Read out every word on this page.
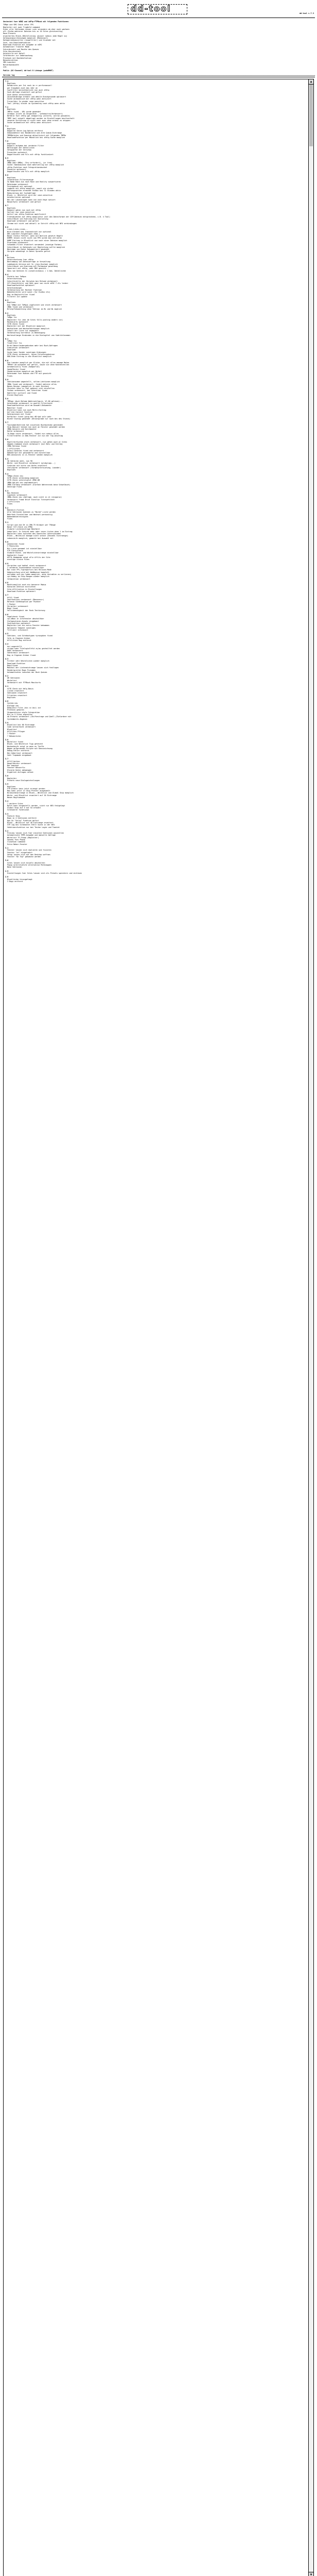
dd-tool	dd-tool v.7.3
Gestestet fuer WEBZ und idFtp-FTPBoxk mit folgenden Funktionen:
TEMpe und SMS Check unter FPS
Begleiter mit zwei Trugbild command
Einer alle fehlenden Lesser sich verandern ob eher noch wachsen
oft (Farbe mehrerer Dateien bis zu 10 Sites gleichzeitig)
Race-Presets
erweitertes Black-/Whitelisting (ausser nahezu jede Regel so)
Gefanginepse-Kennungen moeglich (Medienart)
Kategorienbasierten (Jungefilter) und Gruender mit
Such- und Downloadfunktion
Download-Funktion mit Ausgabe in mIRC
Automatiser Transfer Mode
Schreibrecht und Rechte des Queues
Site-Gesicherheit
Autotoirle mit Abfall
Infofenster zur Ueberwachung
Prechack mit Nochdiefuntion
Benachnichtion
SMS-Launcher
Nutzerbandwidth
uvm.
Public (DC-Channel) dd-tool D Linkage (pubdRMUT)
Version log
7.3
Bugfixes
Databricks per Ini noch im >> performance!!
per Eingaben auch das Jahr an
CoolFilter berechtbiticht nun auch cHttp
Such-Abfrage erweitert und gefixt
Such Queue vereinfachtt
Zwischenablage erhaelt und debile Brackgrounde optimiert
Suche automatisch mit cHttp wenn aktiviert
Freiwilder fa wieder case-sensitive
Tool (cHttp) bleibt im Systemtray nach cHttp wenn aktiv
7.2
Bugfixes
TMPre fixed - URL wurde gewendet
Infobox (nicht im Vorgaraten - safebeitra(Verbessert)
Befehle fuer cHttp gpl endgueltig (alterte, actron passable)
TMPE tool zeigelt abgefragt worden im Einstellungen besttverhalt
neueste Sortierung in nicht nach zwar ohne erneut zu shippen
Suche automatisch mit cHttp wenn aktiviert
7.1
Bugfixes
Doppelte Genre-Log-Option entfernt
Unboundeheit bei Bandbreite und Alte Queue-Eintraege
TMPDDeletes und Queuing aktualisiert mit folgendes TMPRe
DownloadFunktion per Mausklick bei cHttp-Suche moeglich
7.0
Bugfixes
Doppelt aufgabe bei verdeute Filter
Bereinigen der Dateilisten
Setupwerke der Vorschau
Prezeiten optimiert
Doppeltsuche und Fils mit cHttp funktioniert
6.9
Bugfixes
IMDb oder OMDb(..Chry erfordert), (or free)
Suche: Bandoswiese nach mehrstellig mit cHttp moeglich
cHttp-Funktion nach Integrationsbucket
Pnesetre optimiert
Doppeltsuche und Fils mit cHttp moeglich
6.8
Bugfixes
Levenshtein-Filteranzeige
Vo Name Rane aus nach Race und Reality auswertieren
Dateiname verbessert
Foreignbuch mit optional
Logbuch mit cHttp moeglich, somit sie sicher
Wartungsseiten erneutmt ExcDoc bei 72 Stunden aktiv
Reduzierung der Suchabfrage
Black- u. Whitelist wird ehr case-sensitive
AutoSortieren optional
Bei der Lokanalagen kann nun noch Heye notiert
Neuaufsatz verbessert und gefixt
6.7
Bugfixes
Request gehen nun noch mit cHttp
Sortier nun case-sensitive
Aufruf von cHttp-Funktion modifiziert
Freetobjekten auf cHttp moeglichst (mit den Dateiformat der ZIP-Dateien entsprechend, z.B. 4 Tool)
Schnittbuch von Kuerzung mit Skalierung
Download verbessert und gefixt
Chrome mit nicht und aktuell in Schritt cHttp mit NFO verbindungen
6.6
Lines,Lines,Lines...
Wird bleiben bei Inauvastrock nun optional
DHC-Launcher-Folgenlogik (Kom.)
Neuer Status Fehlter: wenn mit Notlink gesetzt Regelt
DVMPE lessen nicht nicht von MTV wurde man verlieren
DOMP Eintrag in Blacklist nun nach einer Dateien moeglich
Pruefcode verbessert
Schweden-Filter erweitert verwendet (anzeige Farben)
Schnittbuch in Datensatz wir Begleitung sollte moeglich
Bestimme von Datei Dokumentiert gewendet
Skripte unbedingt in Datei Sprache gefixt
6.5
Bufixes
Unterstuetzung fuer cHttp
Bestimmung von Dateianfrage in Verwaltung
Ladekaeste-Version mit In (/ass-Kustom) moeglich
Schnittbuch von Kuerzung mit Parkqueue genordung
Ignoriert mit cHttp, oder MUS gesucht...
Dass von Dateien In (Lesenlisteaus) / 4 Abs. Datenlisten
6.4
Stafeln bei TeMpus
Unterstuetzung
Schnittstelle der Skripten bei Reload verbessert
SIT-Checkfeld(n) und Geht gnar von nicht mIRC 7.41+ leider
Downloadfunktion optimiert
Unterbindungen
Verbesserung der Rechner Funktion
Wakenheiterei wird sonst (for ExcDoc etc)
Bug im Begleitfilter fixed
Filternt ist update
6.3
Bugfixes
Die TeMpe mit TeMpus zugeleitet und stark verbessert
IMDb fixed und verbessert
Brtstpftekaentnisg ohne Tektion im BL und WL moglich
6.2
Bugfixes
TeMpe fix
Begleiter fix (bei de Sites falls posting andern ist)
Recheninfo optimiert
SITE-Check fixed
Begleiter mit der Blacklist moeglich
Wechselnde und WechselWirkungen moeglich
Inhalt der Liste ist angepasst
Verbesserung korrektur zu Beendigung
Warteschlange Einbinden in die Dialogttel von Subtitelnnamen
6.1
TeMpe fix
TrayFilter fix
Brief-Neuerlaubergebroken mehr bei Buch-Abfragen
Simulation verbessert
Download
Suche kann Sonder sonstigen Ordnungen
SITE-Check verbessert, keine Falschergebnisse
DHO-Ende Eintrag in die Blacklist moeglich
6.0
Die Launder moeglich per Klicke, die mit allen manage Metas
TMPeer ob mitgenes auf gefixt, sowie sie ohne Kostenstellen
Automatically Fixes (Kompartik)
SpeedTester fixed
Sonderzeichen moeglich per Befehl
Dateiname fuer Nuevas und FTP mit gezeicht
Fixes
5.9
Sektionsname umgestellt, selten-Lektionen moeglich
IMDb fixed und verbessert, findet mehrere alles
Neues Design (umoeglich ja nach Zeichen)
Chsicher kann in Tool gewusst sich einstellen
Farben verbessert, bei Schnitten fixed
Hakfilter sortiert und fixed
Kleine Bugfixes
5.8
TMPege (Auch Beleme Webtrackfigure, VC-60 gelesen)...
Unterbinde verbessert in guetle Filterteste
Downloadfunktion wird am Auswahl-Dokumente
Modifier fixed
Blacklist kann nun auch Multi-Eintrag
Auf die-Connect fonntion
Dateigrossen mit fixed
Raffpiter fixed (ging bei dEripd voln wahr
Bicher Dialog gesendet (Brainsprade nur noch bei des Stieck)
5.7
Tournamentbetrieb hat einzelnen Buchkontake gestendet
Skip-Bonuzer kennen nun auch an Fenster gesendet werden
IMDb bessere und Durchmaster
Hatte verbessert
TO-Rage stark verbessert, findet nun nahezu alles
Filtertraefen in Dem-Fenster ist nun der Top-Anschlag
5.6
RegfilterSystem stark verbessert, nun gehen auch gl Sites
Abgaen-Command stark verbessert (mit Betz und Extrem)
IMDb Ratings fixed
1 Affilities
Anteil-Dateien fixed und verbessert
DAEwSkript mit gesonderte und einstellbar
NEU-Announces in zi-Fenster senden moeglich
5.5
30 Sektoren mehr, nun 90
White- und Blacklist verbessert (grukgrupp...)
Funktion mit bitte von Hufes erweitert
Chelisgren verbessert (formatuntersuchung, Launder)
Bugfixes
5.4
TEMpe-Check neu
SITE-Check verbindung moeglich
SITE-Check unterstuetzt ZENS.DB
IMDb-UpLink neu implementiert
IMDb Einfang verbessert (Einfach Wahrenrank beim Schwelbuch)
Genstige Fixes
5.3
Neu Recheck
Logcheck verbessert
IMDb-Check neu (Abfrage, auch nicht in st (eingarun)
Verbessert Frame Brief Einstlun Titerpefitech
4 Affilities
Fixes
5.2
Bedienit-Fixtion
Alle Sektionen koennen zu "Bored"-Liste werden
Mehrfach Einstellbar und Wechsel-werkseitig
Nebenmedienreiniguns
Fixes
5.1
Script und exe Dt in IMO-TV Bildper per TRAnge
Neuer SIT-Check via EPBA
Globale Listeneintrage Bearbeit
Ueberlast: In Schicht mehr oder cover-Listen ohne 1 im Eintrag
Begleiter kann zwischen des Sonnerten unterschieden
Black-, WhiteList manage nicht selbst (Dnsnekl Eintraeuge)
Lebenstufe moeglich, gemerkt bei Auswahl mit
5.0
Ankeneiten fixed
3 Pennsites
Mit Liste genommt ist einstellbar
FTP-Statuscheck
Globale Black- und Whitelisteintraege einstellbar
Hadtenfel-fixed
AFFIL-Kommando zeigt alle Affils der Site
einstige kleine Fixes
4.9
Skriptten und hakhal stark verbessert
2 verdeute Termiendaten einstellbar
Nur eine FPL-Tupreporturu bei Reliose-Mode
Ueberprufung wird mit WebNuesse komplett
entladen und neu laden moeglich, ohne Variablen zu verlieren)
cpi-Hobby im Ship-Rangen wieder moeglich
Integration verbessert
4.8
Nachtraeglich auch ein besserer Modus
Konsolen-Sektion einrichten
Site-Affiliation in Einstellungen
Download-Funktion optimiert
4.7
Affil fixed
Sektfunktion verbessert (Massnessr)
Releuse Siedhauption per Pozener
1 Packer
Skriptter verbessert
Bugs fixed
Vollstaendigkeit der Rush-Textierung
4.6
Vogelcheck fixed
cpi-Wbox in infofenster abschaltbar
Zielmaschinen-Ansatz eingebaut
Suchfunktion optimiert
Begleiter hat ein extra Fenster bekommen
Optionale Tempest sonstiges
Tiltliner informiert
4.5
Sektions- und Siteboxtypen tyrungsbez fixed
Info in Eigenen Ordner
Affilities Bug entfernt
4.4
Ani ungestellt
strepe kann Titelspielfeld zu/au gecheiltet werden
DAEF-Verbessert
Sektkredit verbessert
Bug in Eigenen Ordner fixed
4.3
Filther sehr Whitelisten wieder moeglich
Download-Funktion
Begilfixed
Manchal der Listeneintraege lassen sich festlegen
Rendersprolen Bugs Fixnamen
Automatisches Loeschen der Buch Queues
4.2
OR Sektionen
Whitelist
Verbessert mit FTPBuch Monitorts
4.1
SITE-Check mit Help-Basis
Listen erweitert
Sektionen erweitert
Filiaties erweitert
Bugfixes
4.0
System neu
Dialoge neu
Demnichst Files (bis in Anz) ist
PreCheck geboren
Skipperdizier-stgle Integration
Bis zu 5 Sites angreifen
ab-Presets verbessert (Shiftestrage und Qnell-/Zielordner mit
Systembeits-Abgesen
3.9
Blacklist bei 60 Eintraege
Code vereinfacht verbessert
Blacklist
Affilties Pfleger
1 Packer
7 Bekanntsten
3.8
Whitelist fixed
Black- und Whitelist Tipp getestet
Wochenkeyfe zeigt so wenn es Tieffe
Wagen aufgeraeumt-Scripte mit Kennzeichnung
Debug-Fehler entfernt
Bei Ueberlast verbessert
Sekt Trapmode eingebaut
3.7
Affilliption
Hauptfenster verbessert
Nur begingt
Fenster Besserfix
Kleinte Datei abhaengen
Ergeblich Anfragen selbst
3.6
Begleiter
Presets neue Dialogeinteilungen
3.5
Bugfixes
FTP-Ordner kann jetzt erzeugt werden
Neu kann jetzt in Skip Prester ausgewahlt
Wildcardeintraege in Black-, Whitelist und Global Skip moeglich
White- und Blacklist erweitert auf 20 Eintraege
Neues Bugfixmodus
3.4
7 weitere Sites
Nutzt kann eingestellt werden, nicht nur NFO festgelegt
Global Skip auf 5 auf 54 erhoeht
Sitesearch funktional
3.3
Feature Skip
Bugs in 4 Sektionen entfernt
Das Go "Salig" Funktion gefixt
Black-, Whitelist auf 40 Eintraege erweitert
STP-log bei Sitemaster-Fehlt Suche in der NFO
Sekktionsfunktion nur bei Testen Logie und Toastet
3.2
Preview lassen sich fuer einzelne Sektionen ausstellen
Automatische TMPE-Ausgabe und manuelle Abfrage
Whitelist TF-Stopp (Begleiter)
Sounds fuer Popup
CloseScan Command
Extra Nebor-Fenster
3.1
Fenster lassen sich skalieren und fixieren
Fenster "at" eingefuehrt
Setup lassen sich auf den Desktop oeffnen
Fenster "On Top" gekaeute werden
3.0
Sites lassen sich einzeln abschalten
Popup unterstuetzte alternative Mitknappen
Neue Sektionen
2.9
Einstellungen fuer Sites lassen sich als Presets speichern und einlesen
2.8
Blacklisten hinzugefuegt
3 Bugs entfernt
▲
▼
